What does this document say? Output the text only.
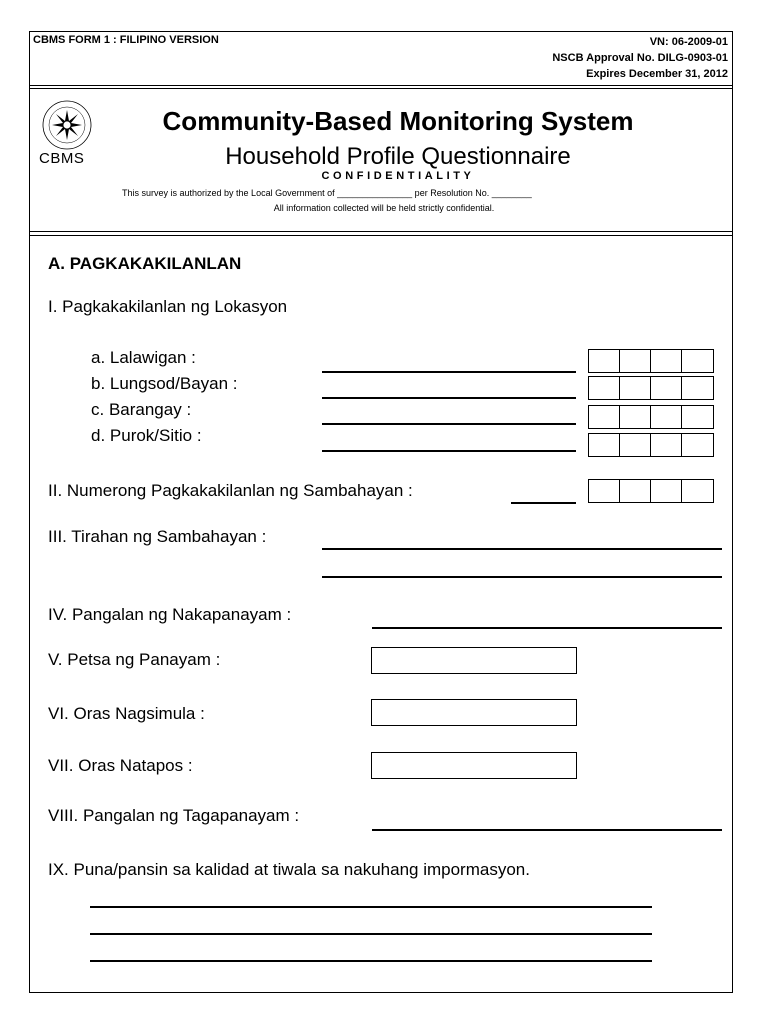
CBMS FORM 1 : FILIPINO VERSION	VN: 06-2009-01
NSCB Approval No. DILG-0903-01
Expires December 31, 2012
CBMS
Community-Based Monitoring System
Household Profile Questionnaire
CONFIDENTIALITY
This survey is authorized by the Local Government of _______________ per Resolution No. ________
All information collected will be held strictly confidential.
A. PAGKAKAKILANLAN
I. Pagkakakilanlan ng Lokasyon
a. Lalawigan :
b. Lungsod/Bayan :
c. Barangay :
d. Purok/Sitio :
II. Numerong Pagkakakilanlan ng Sambahayan :
III. Tirahan ng Sambahayan :
IV. Pangalan ng Nakapanayam :
V. Petsa ng Panayam :
VI. Oras Nagsimula :
VII. Oras Natapos :
VIII. Pangalan ng Tagapanayam :
IX. Puna/pansin sa kalidad at tiwala sa nakuhang impormasyon.
